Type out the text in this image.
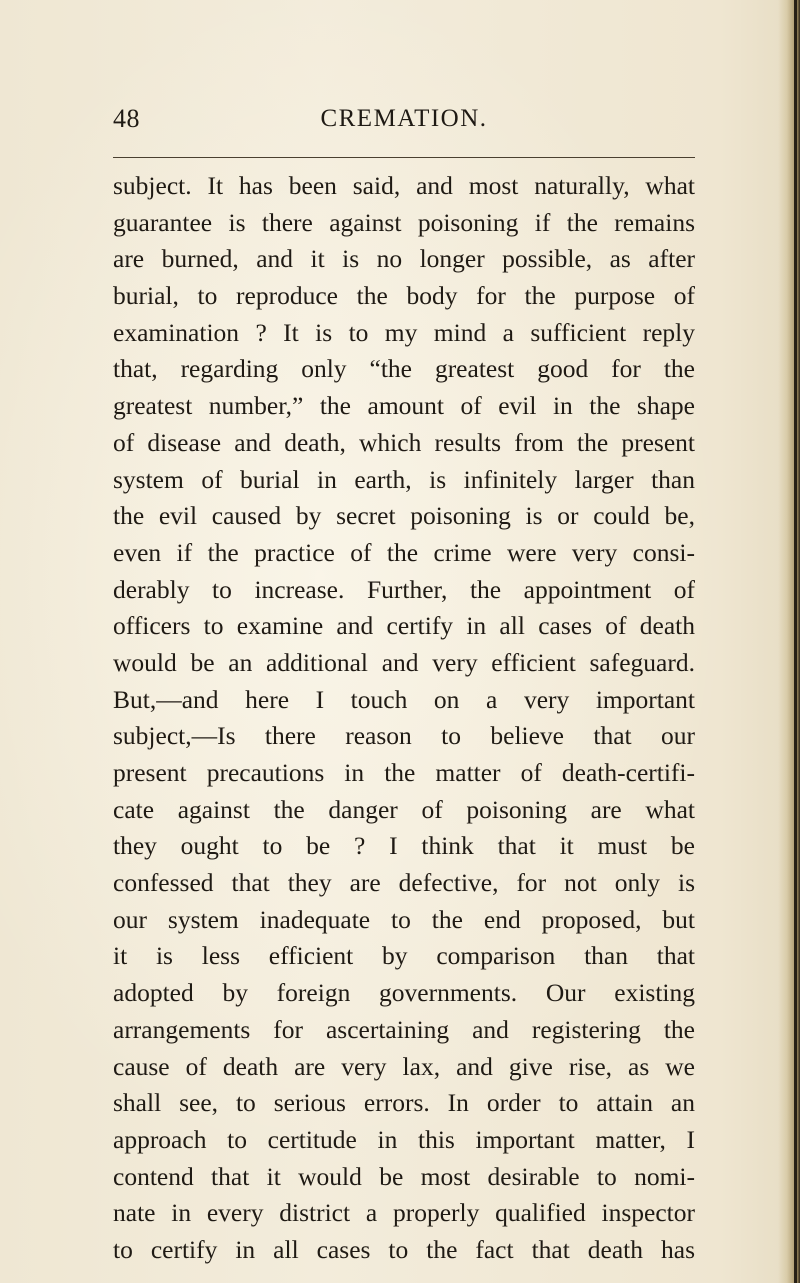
48	CREMATION.
subject. It has been said, and most naturally, what
guarantee is there against poisoning if the remains
are burned, and it is no longer possible, as after
burial, to reproduce the body for the purpose of
examination ? It is to my mind a sufficient reply
that, regarding only “the greatest good for the
greatest number,” the amount of evil in the shape
of disease and death, which results from the present
system of burial in earth, is infinitely larger than
the evil caused by secret poisoning is or could be,
even if the practice of the crime were very consi-
derably to increase. Further, the appointment of
officers to examine and certify in all cases of death
would be an additional and very efficient safeguard.
But,—and here I touch on a very important
subject,—Is there reason to believe that our
present precautions in the matter of death-certifi-
cate against the danger of poisoning are what
they ought to be ? I think that it must be
confessed that they are defective, for not only is
our system inadequate to the end proposed, but
it is less efficient by comparison than that
adopted by foreign governments. Our existing
arrangements for ascertaining and registering the
cause of death are very lax, and give rise, as we
shall see, to serious errors. In order to attain an
approach to certitude in this important matter, I
contend that it would be most desirable to nomi-
nate in every district a properly qualified inspector
to certify in all cases to the fact that death has
